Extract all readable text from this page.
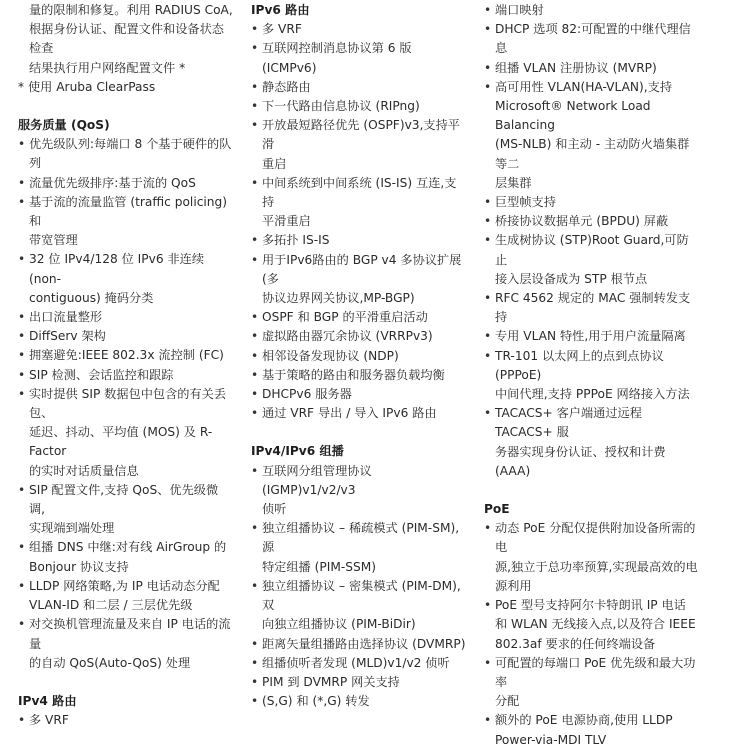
量的限制和修复。利用 RADIUS CoA,

根据身份认证、配置文件和设备状态检查

结果执行用户网络配置文件 *

* 使用 Aruba ClearPass

服务质量 (QoS)

• 优先级队列:每端口 8 个基于硬件的队列
• 流量优先级排序:基于流的 QoS
• 基于流的流量监管 (traffic policing) 和
带宽管理
• 32 位 IPv4/128 位 IPv6 非连续 (non-
contiguous) 掩码分类
• 出口流量整形
• DiffServ 架构
• 拥塞避免:IEEE 802.3x 流控制 (FC)
• SIP 检测、会话监控和跟踪
• 实时提供 SIP 数据包中包含的有关丢包、
延迟、抖动、平均值 (MOS) 及 R-Factor
的实时对话质量信息
• SIP 配置文件,支持 QoS、优先级微调,
实现端到端处理
• 组播 DNS 中继:对有线 AirGroup 的
Bonjour 协议支持
• LLDP 网络策略,为 IP 电话动态分配
VLAN-ID 和二层 / 三层优先级
• 对交换机管理流量及来自 IP 电话的流量
的自动 QoS(Auto-QoS) 处理

IPv4 路由

• 多 VRF

IPv6 路由

• 多 VRF
• 互联网控制消息协议第 6 版 (ICMPv6)
• 静态路由
• 下一代路由信息协议 (RIPng)
• 开放最短路径优先 (OSPF)v3,支持平滑
重启
• 中间系统到中间系统 (IS-IS) 互连,支持
平滑重启
• 多拓扑 IS-IS
• 用于IPv6路由的 BGP v4 多协议扩展(多
协议边界网关协议,MP-BGP)
• OSPF 和 BGP 的平滑重启活动
• 虚拟路由器冗余协议 (VRRPv3)
• 相邻设备发现协议 (NDP)
• 基于策略的路由和服务器负载均衡
• DHCPv6 服务器
• 通过 VRF 导出 / 导入 IPv6 路由

IPv4/IPv6 组播

• 互联网分组管理协议 (IGMP)v1/v2/v3
侦听
• 独立组播协议 – 稀疏模式 (PIM-SM),源
特定组播 (PIM-SSM)
• 独立组播协议 – 密集模式 (PIM-DM),双
向独立组播协议 (PIM-BiDir)
• 距离矢量组播路由选择协议 (DVMRP)
• 组播侦听者发现 (MLD)v1/v2 侦听
• PIM 到 DVMRP 网关支持
• (S,G) 和 (*,G) 转发
• 端口映射
• DHCP 选项 82:可配置的中继代理信息
• 组播 VLAN 注册协议 (MVRP)
• 高可用性 VLAN(HA-VLAN),支持
Microsoft® Network Load Balancing
(MS-NLB) 和主动 - 主动防火墙集群等二
层集群
• 巨型帧支持
• 桥接协议数据单元 (BPDU) 屏蔽
• 生成树协议 (STP)Root Guard,可防止
接入层设备成为 STP 根节点
• RFC 4562 规定的 MAC 强制转发支持
• 专用 VLAN 特性,用于用户流量隔离
• TR-101 以太网上的点到点协议 (PPPoE)
中间代理,支持 PPPoE 网络接入方法
• TACACS+ 客户端通过远程 TACACS+ 服
务器实现身份认证、授权和计费 (AAA)

PoE

• 动态 PoE 分配仅提供附加设备所需的电
源,独立于总功率预算,实现最高效的电
源利用
• PoE 型号支持阿尔卡特朗讯 IP 电话
和 WLAN 无线接入点,以及符合 IEEE
802.3af 要求的任何终端设备
• 可配置的每端口 PoE 优先级和最大功率
分配
• 额外的 PoE 电源协商,使用 LLDP
Power-via-MDI TLV
